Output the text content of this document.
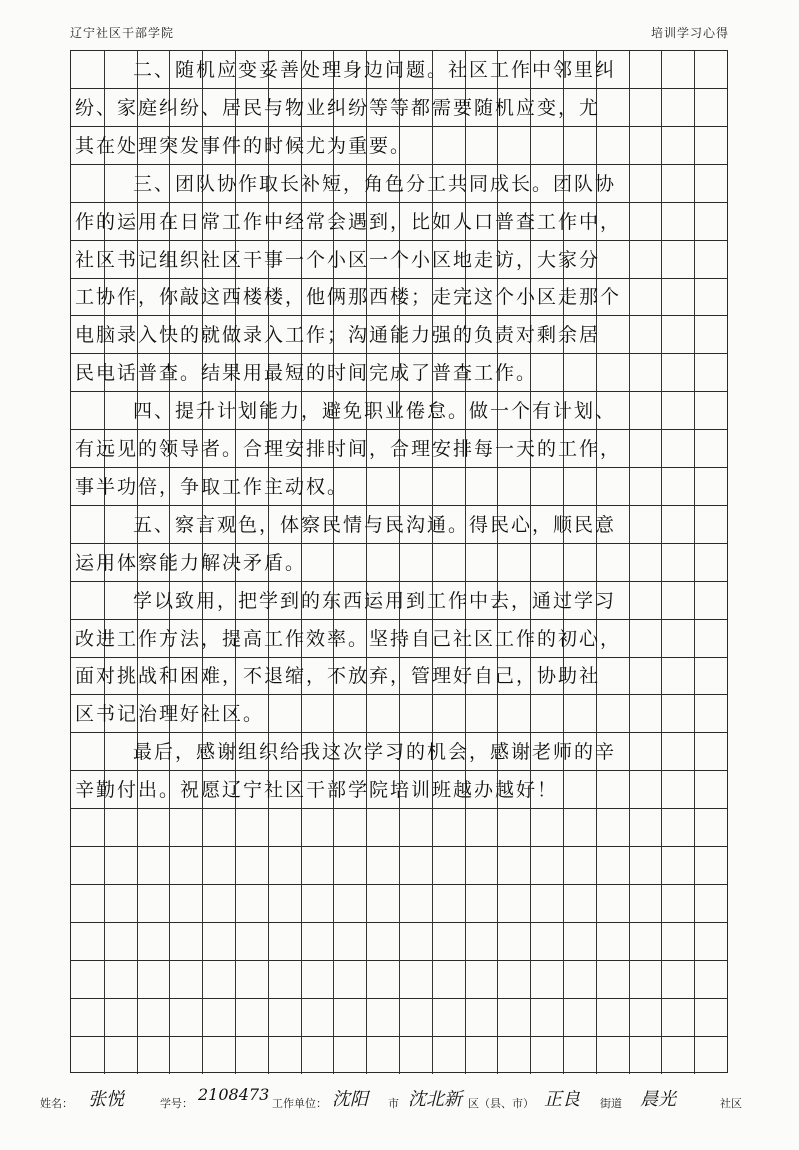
辽宁社区干部学院	培训学习心得
二、随机应变妥善处理身边问题。社区工作中邻里纠
纷、家庭纠纷、居民与物业纠纷等等都需要随机应变，尤
其在处理突发事件的时候尤为重要。
三、团队协作取长补短，角色分工共同成长。团队协
作的运用在日常工作中经常会遇到，比如人口普查工作中，
社区书记组织社区干事一个小区一个小区地走访，大家分
工协作，你敲这西楼楼，他俩那西楼；走完这个小区走那个
电脑录入快的就做录入工作；沟通能力强的负责对剩余居
民电话普查。结果用最短的时间完成了普查工作。
四、提升计划能力，避免职业倦怠。做一个有计划、
有远见的领导者。合理安排时间，合理安排每一天的工作，
事半功倍，争取工作主动权。
五、察言观色，体察民情与民沟通。得民心，顺民意
运用体察能力解决矛盾。
学以致用，把学到的东西运用到工作中去，通过学习
改进工作方法，提高工作效率。坚持自己社区工作的初心，
面对挑战和困难，不退缩，不放弃，管理好自己，协助社
区书记治理好社区。
最后，感谢组织给我这次学习的机会，感谢老师的辛
辛勤付出。祝愿辽宁社区干部学院培训班越办越好！
姓名： 张悦	学号： 2108473 工作单位： 沈阳 市 沈北新 区（县、市） 正良 街道 晨光	社区
